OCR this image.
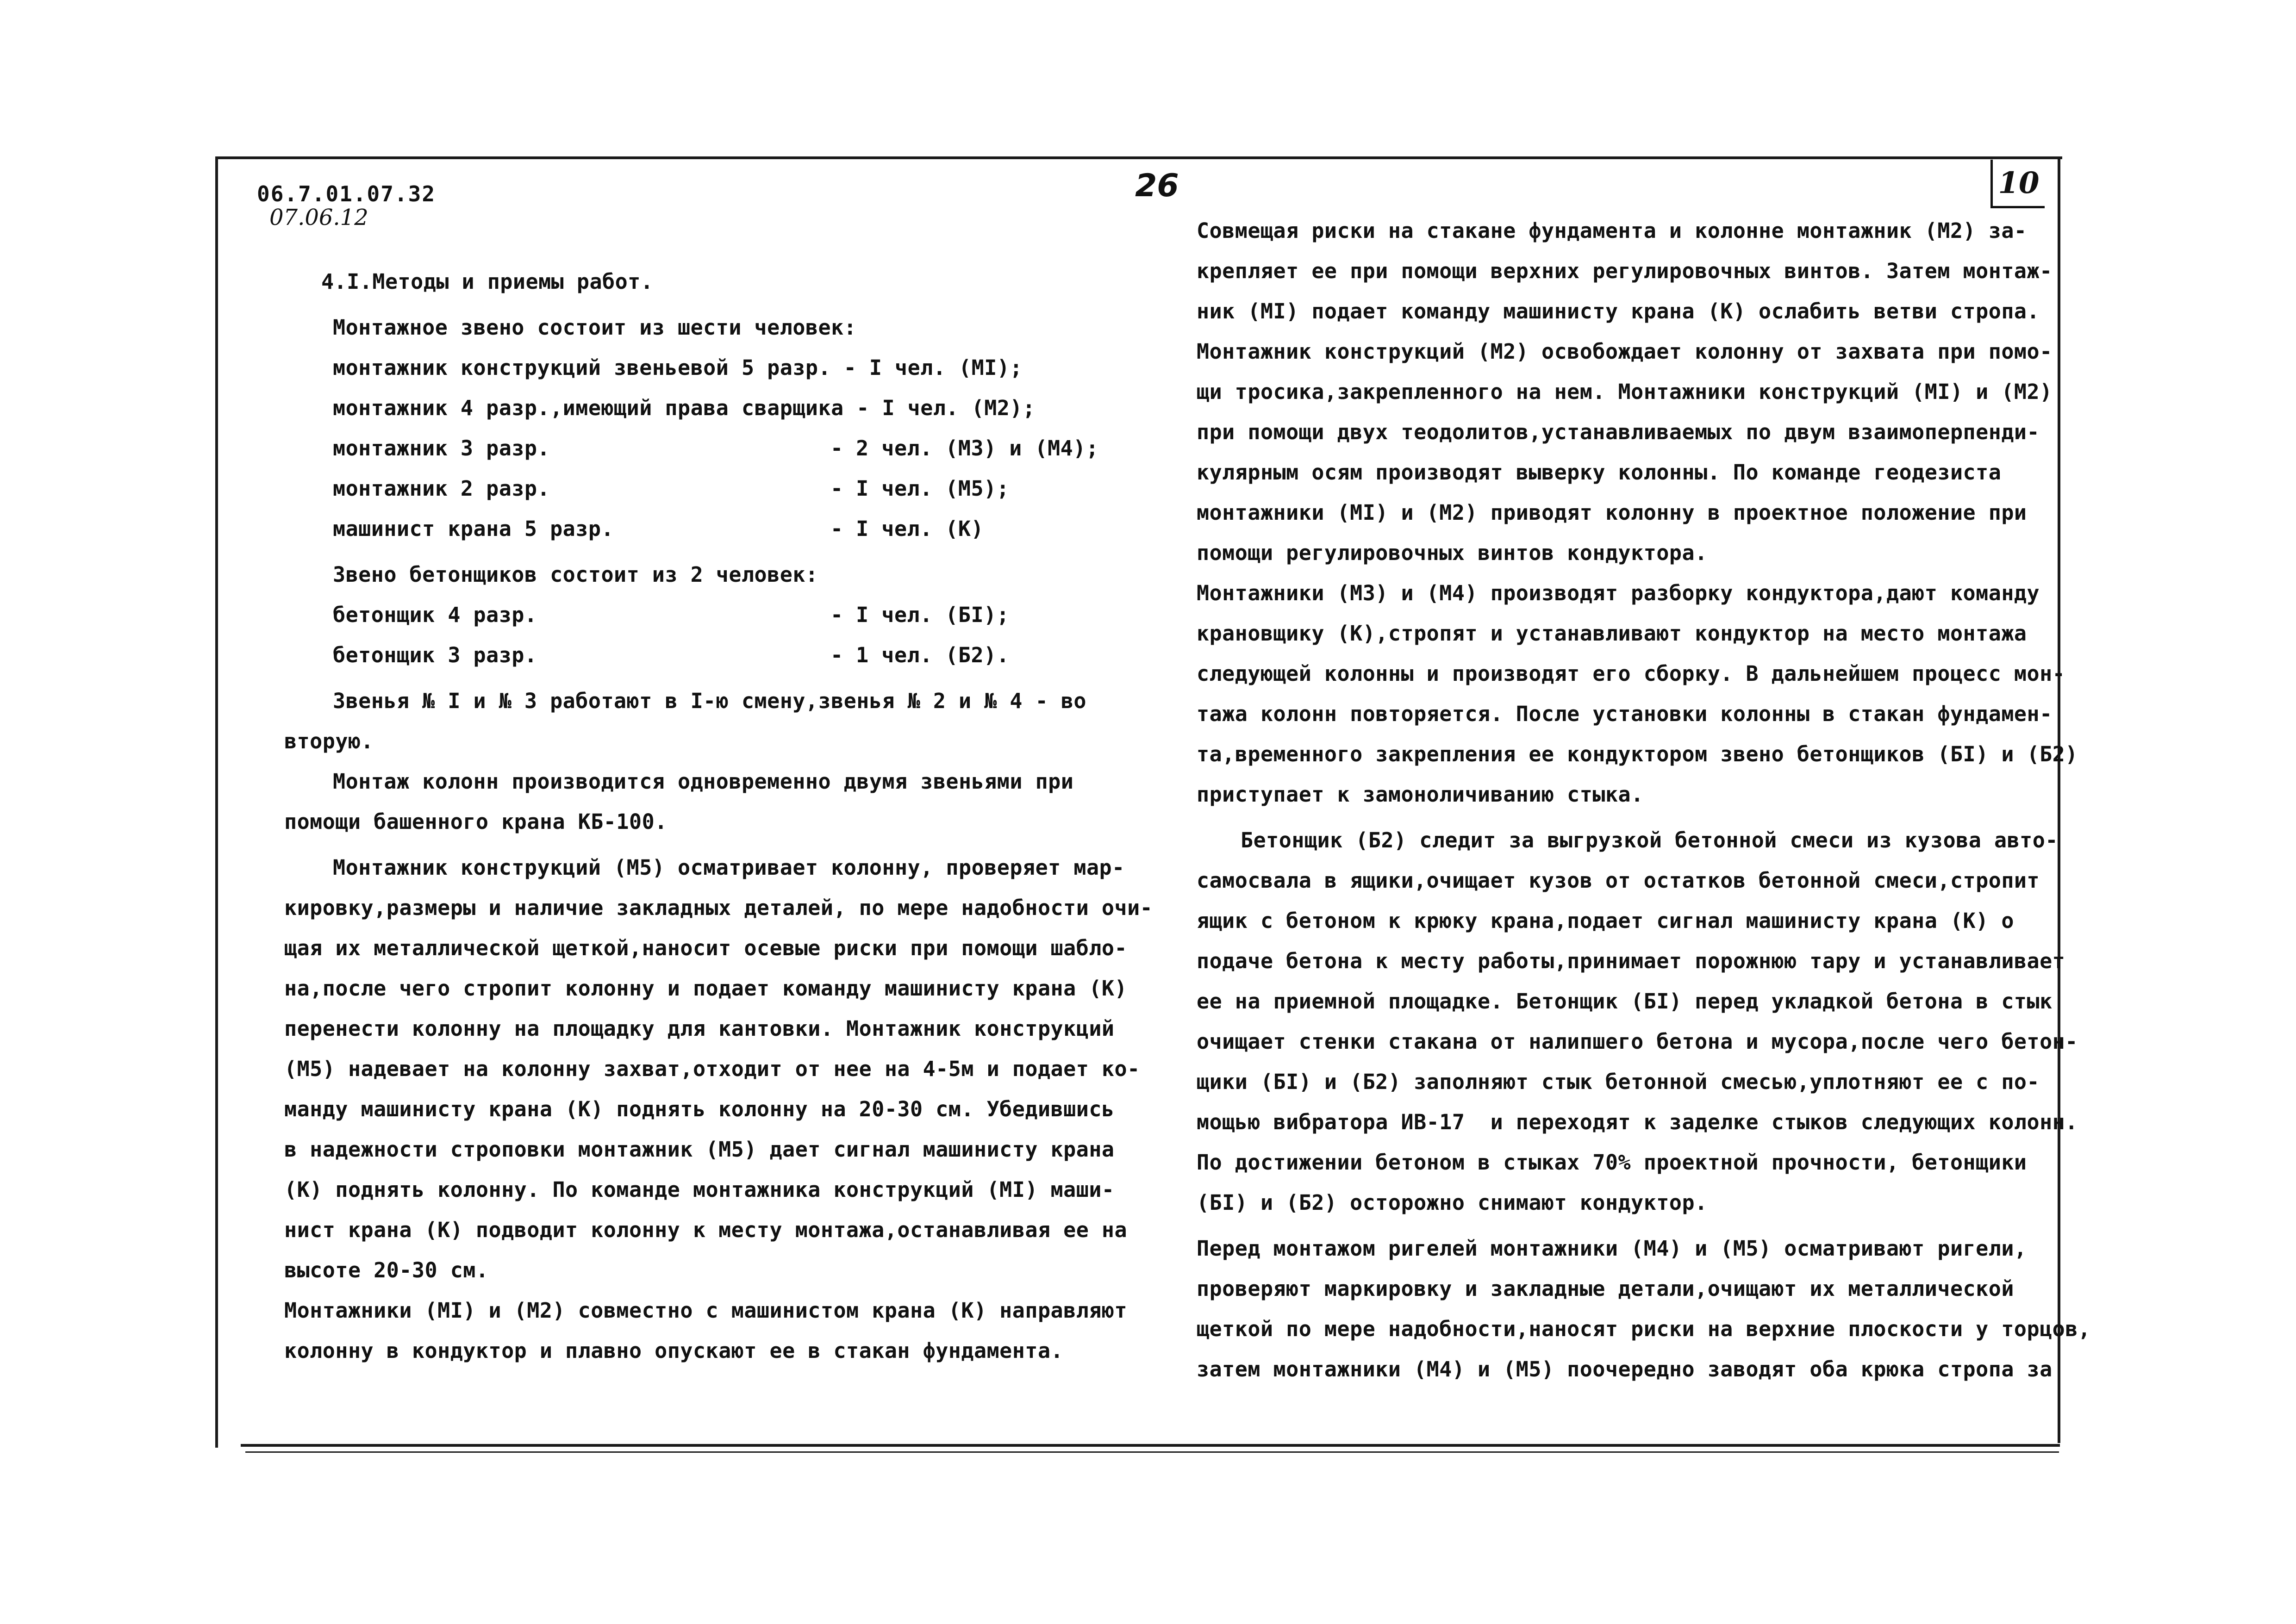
06.7.01.07.32
07.06.12
26	10
4.I.Методы и приемы работ.
Монтажное звено состоит из шести человек:
монтажник конструкций звеньевой 5 разр. - I чел. (МI);
монтажник 4 разр.,имеющий права сварщика - I чел. (М2);
монтажник 3 разр.	- 2 чел. (М3) и (М4);
монтажник 2 разр.	- I чел. (М5);
машинист крана 5 разр.	- I чел. (К)
Звено бетонщиков состоит из 2 человек:
бетонщик 4 разр.	- I чел. (БI);
бетонщик 3 разр.	- 1 чел. (Б2).
Звенья № I и № 3 работают в I-ю смену,звенья № 2 и № 4 - во
вторую.
Монтаж колонн производится одновременно двумя звеньями при
помощи башенного крана КБ-100.
Монтажник конструкций (М5) осматривает колонну, проверяет мар-
кировку,размеры и наличие закладных деталей, по мере надобности очи-
щая их металлической щеткой,наносит осевые риски при помощи шабло-
на,после чего стропит колонну и подает команду машинисту крана (К)
перенести колонну на площадку для кантовки. Монтажник конструкций
(М5) надевает на колонну захват,отходит от нее на 4-5м и подает ко-
манду машинисту крана (К) поднять колонну на 20-30 см. Убедившись
в надежности строповки монтажник (М5) дает сигнал машинисту крана
(К) поднять колонну. По команде монтажника конструкций (МI) маши-
нист крана (К) подводит колонну к месту монтажа,останавливая ее на
высоте 20-30 см.
Монтажники (МI) и (М2) совместно с машинистом крана (К) направляют
колонну в кондуктор и плавно опускают ее в стакан фундамента.
Совмещая риски на стакане фундамента и колонне монтажник (М2) за-
крепляет ее при помощи верхних регулировочных винтов. Затем монтаж-
ник (МI) подает команду машинисту крана (К) ослабить ветви стропа.
Монтажник конструкций (М2) освобождает колонну от захвата при помо-
щи тросика,закрепленного на нем. Монтажники конструкций (МI) и (М2)
при помощи двух теодолитов,устанавливаемых по двум взаимоперпенди-
кулярным осям производят выверку колонны. По команде геодезиста
монтажники (МI) и (М2) приводят колонну в проектное положение при
помощи регулировочных винтов кондуктора.
Монтажники (М3) и (М4) производят разборку кондуктора,дают команду
крановщику (К),стропят и устанавливают кондуктор на место монтажа
следующей колонны и производят его сборку. В дальнейшем процесс мон-
тажа колонн повторяется. После установки колонны в стакан фундамен-
та,временного закрепления ее кондуктором звено бетонщиков (БI) и (Б2)
приступает к замоноличиванию стыка.
Бетонщик (Б2) следит за выгрузкой бетонной смеси из кузова авто-
самосвала в ящики,очищает кузов от остатков бетонной смеси,стропит
ящик с бетоном к крюку крана,подает сигнал машинисту крана (К) о
подаче бетона к месту работы,принимает порожнюю тару и устанавливает
ее на приемной площадке. Бетонщик (БI) перед укладкой бетона в стык
очищает стенки стакана от налипшего бетона и мусора,после чего бетон-
щики (БI) и (Б2) заполняют стык бетонной смесью,уплотняют ее с по-
мощью вибратора ИВ-17  и переходят к заделке стыков следующих колонн.
По достижении бетоном в стыках 70% проектной прочности, бетонщики
(БI) и (Б2) осторожно снимают кондуктор.
Перед монтажом ригелей монтажники (М4) и (М5) осматривают ригели,
проверяют маркировку и закладные детали,очищают их металлической
щеткой по мере надобности,наносят риски на верхние плоскости у торцов,
затем монтажники (М4) и (М5) поочередно заводят оба крюка стропа за
